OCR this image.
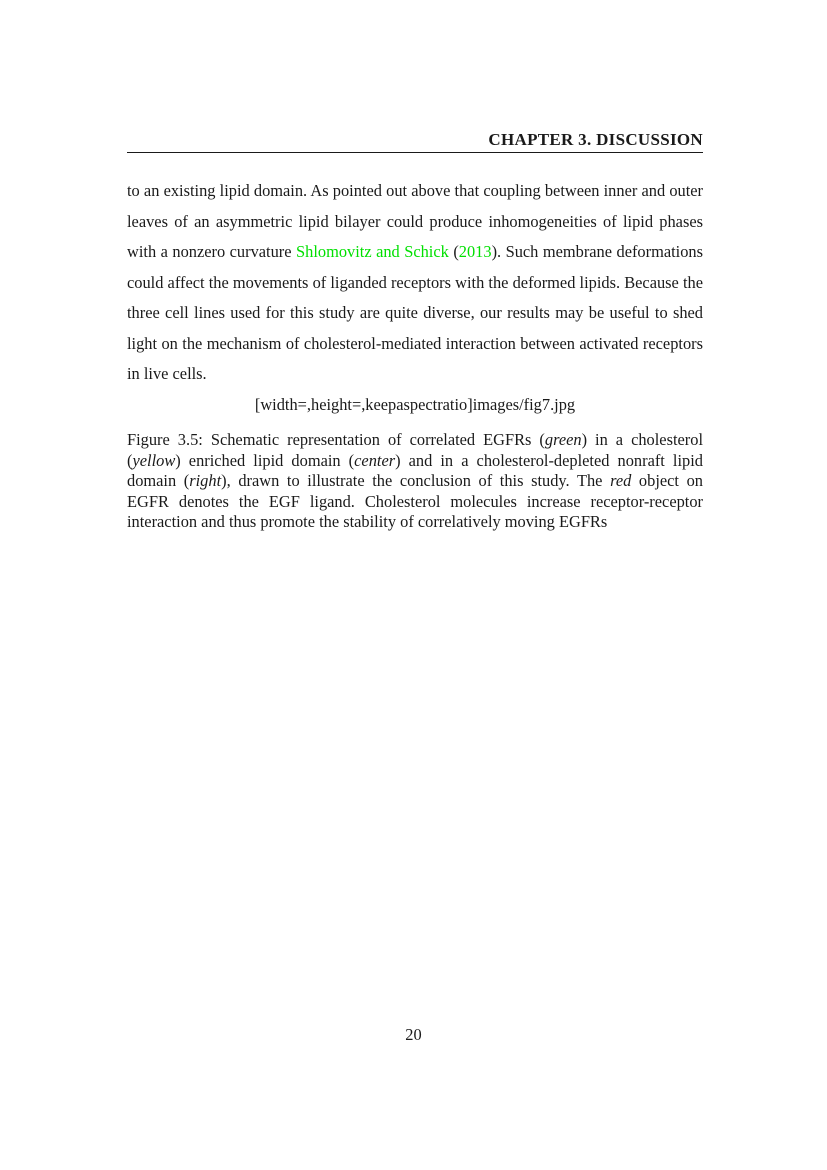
CHAPTER 3. DISCUSSION
to an existing lipid domain. As pointed out above that coupling between inner and outer leaves of an asymmetric lipid bilayer could produce inhomogeneities of lipid phases with a nonzero curvature Shlomovitz and Schick (2013). Such membrane deformations could affect the movements of liganded receptors with the deformed lipids. Because the three cell lines used for this study are quite diverse, our results may be useful to shed light on the mechanism of cholesterol-mediated interaction between activated receptors in live cells.
[width=,height=,keepaspectratio]images/fig7.jpg
Figure 3.5: Schematic representation of correlated EGFRs (green) in a cholesterol (yellow) enriched lipid domain (center) and in a cholesterol-depleted nonraft lipid domain (right), drawn to illustrate the conclusion of this study. The red object on EGFR denotes the EGF ligand. Cholesterol molecules increase receptor-receptor interaction and thus promote the stability of correlatively moving EGFRs
20
